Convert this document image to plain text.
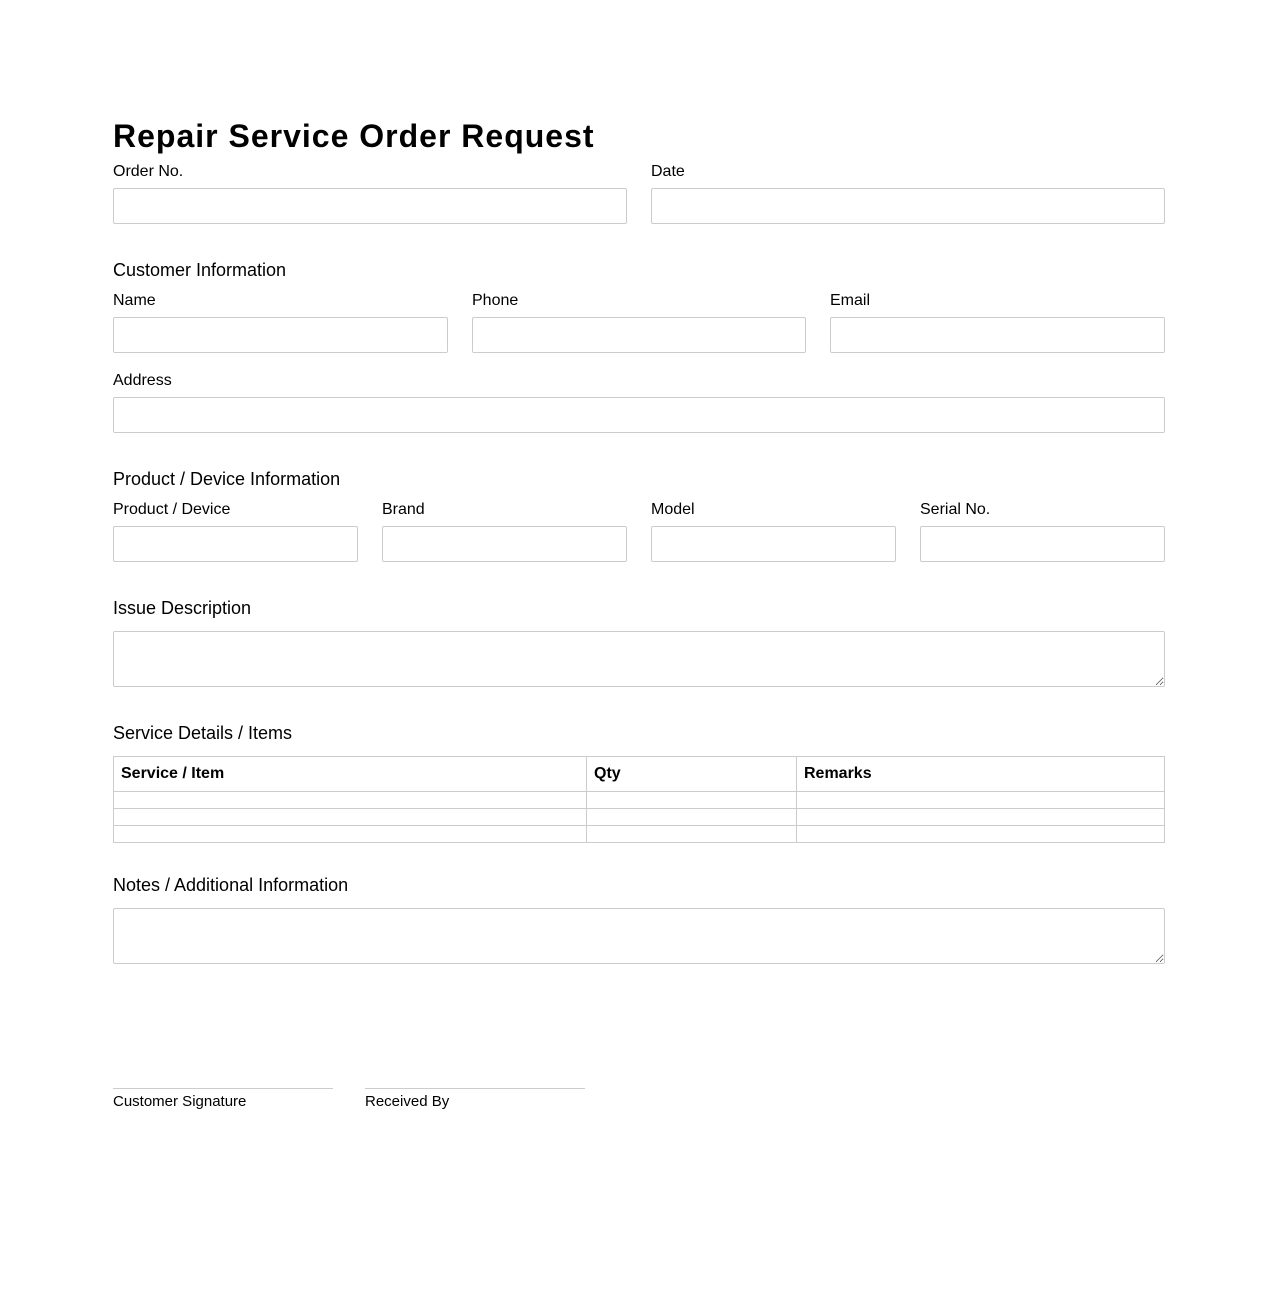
Repair Service Order Request
Order No.	Date
Customer Information
Name	Phone	Email
Address
Product / Device Information
Product / Device	Brand	Model	Serial No.
Issue Description
Service Details / Items
Service / Item	Qty	Remarks

Notes / Additional Information
Customer Signature	Received By
